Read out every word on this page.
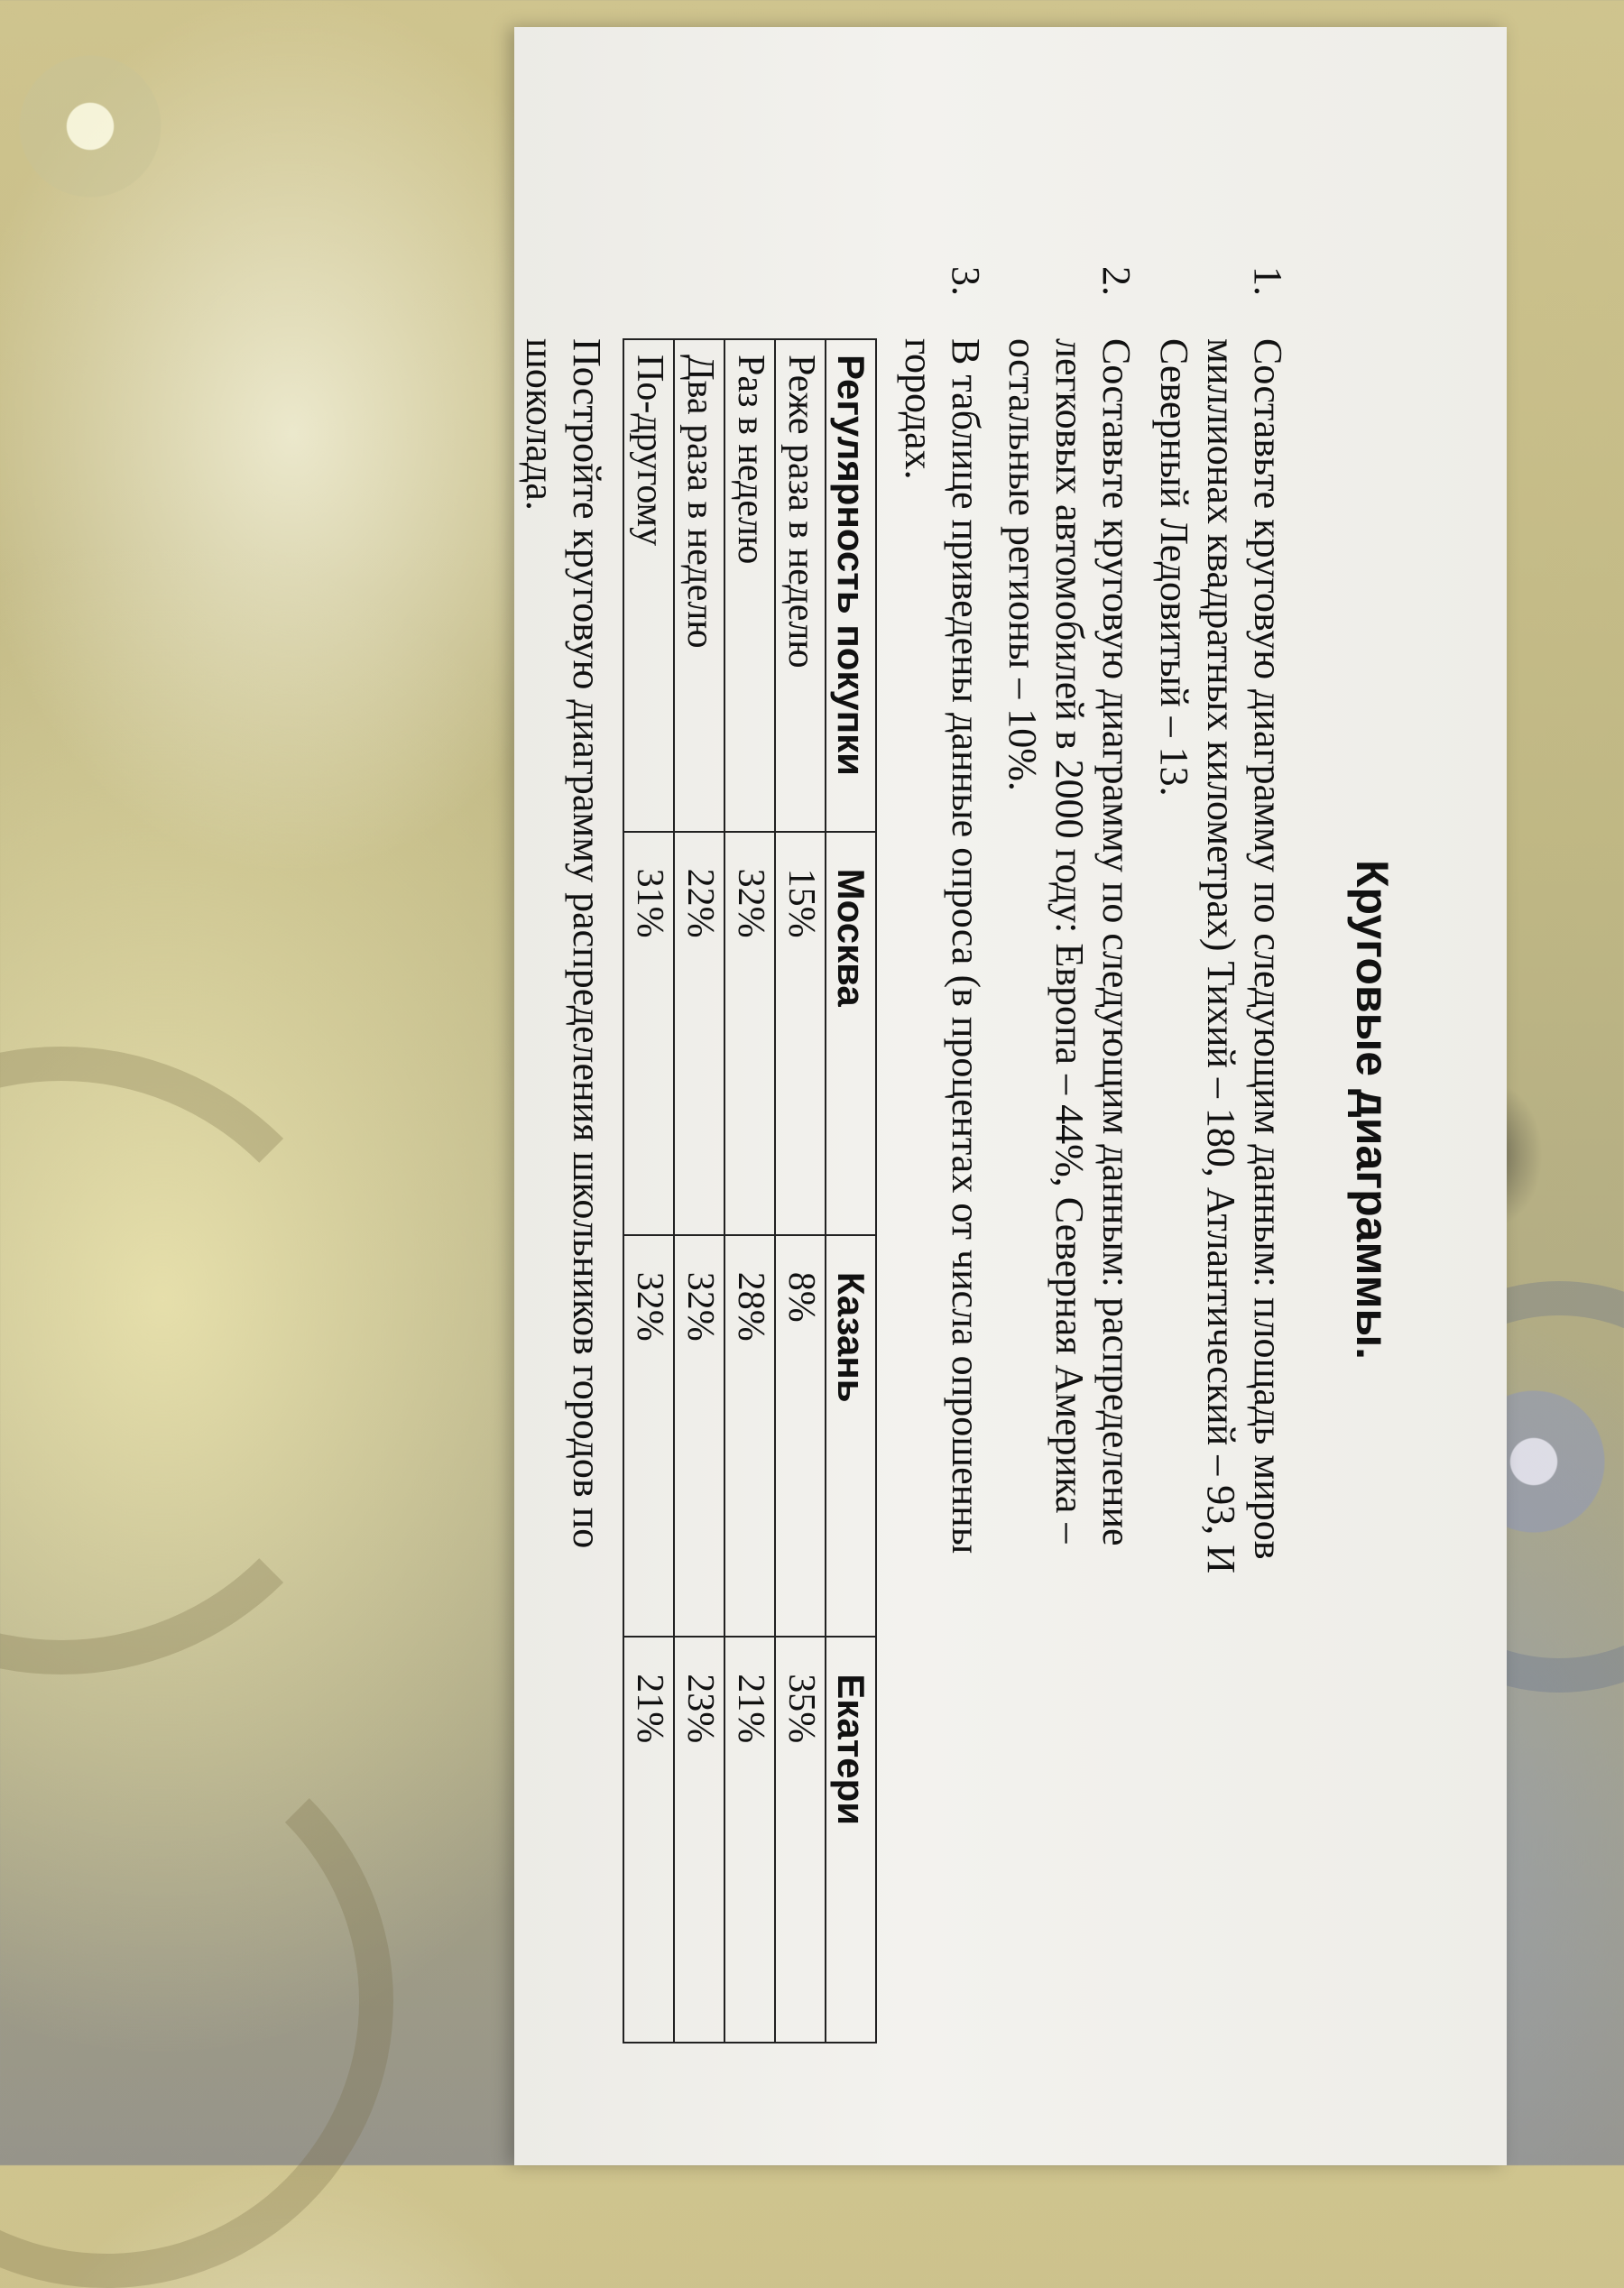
Круговые диаграммы.
1.
Составьте круговую диаграмму по следующим данным: площадь миров
миллионах квадратных километрах) Тихий – 180, Атлантический – 93, И
Северный Ледовитый – 13.
2.
Составьте круговую диаграмму по следующим данным: распределение
легковых автомобилей в 2000 году: Европа – 44%, Северная Америка –
остальные регионы – 10%.
3.
В таблице приведены данные опроса (в процентах от числа опрошенны
городах.
Регулярность покупки	Москва	Казань	Екатери
Реже раза в неделю	15%	8%	35%
Раз в неделю	32%	28%	21%
Два раза в неделю	22%	32%	23%
По-другому	31%	32%	21%
Постройте круговую диаграмму распределения школьников городов по
шоколада.
